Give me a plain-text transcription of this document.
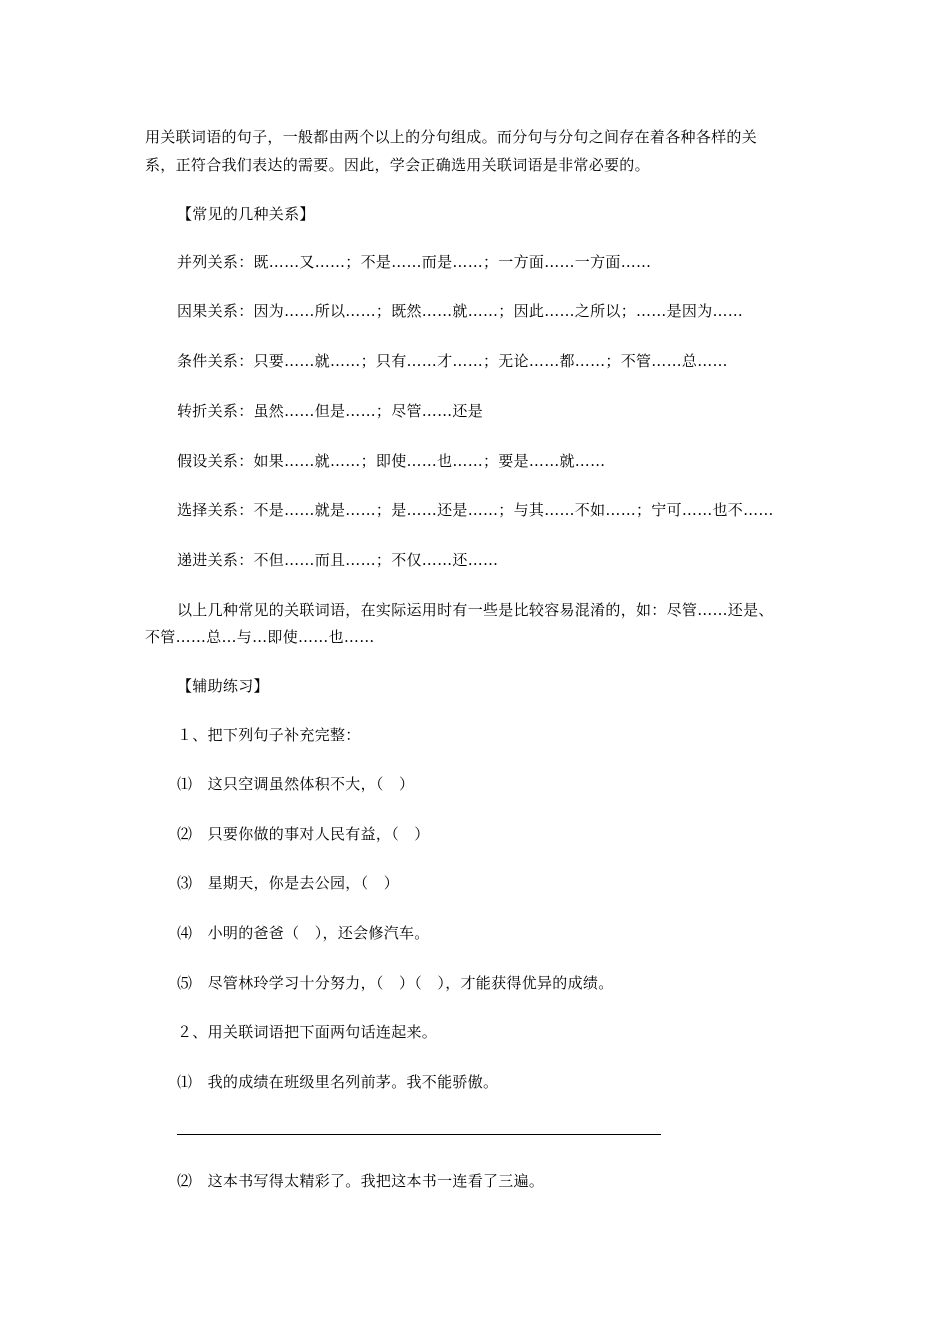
用关联词语的句子，一般都由两个以上的分句组成。而分句与分句之间存在着各种各样的关
系，正符合我们表达的需要。因此，学会正确选用关联词语是非常必要的。
【常见的几种关系】
并列关系：既……又……；不是……而是……；一方面……一方面……
因果关系：因为……所以……；既然……就……；因此……之所以；……是因为……
条件关系：只要……就……；只有……才……；无论……都……；不管……总……
转折关系：虽然……但是……；尽管……还是
假设关系：如果……就……；即使……也……；要是……就……
选择关系：不是……就是……；是……还是……；与其……不如……；宁可……也不……
递进关系：不但……而且……；不仅……还……
以上几种常见的关联词语，在实际运用时有一些是比较容易混淆的，如：尽管……还是、
不管……总…与…即使……也……
【辅助练习】
１、把下列句子补充完整：
⑴　这只空调虽然体积不大，（　）
⑵　只要你做的事对人民有益，（　）
⑶　星期天，你是去公园，（　）
⑷　小明的爸爸（　），还会修汽车。
⑸　尽管林玲学习十分努力，（　）（　），才能获得优异的成绩。
２、用关联词语把下面两句话连起来。
⑴　我的成绩在班级里名列前茅。我不能骄傲。
⑵　这本书写得太精彩了。我把这本书一连看了三遍。
